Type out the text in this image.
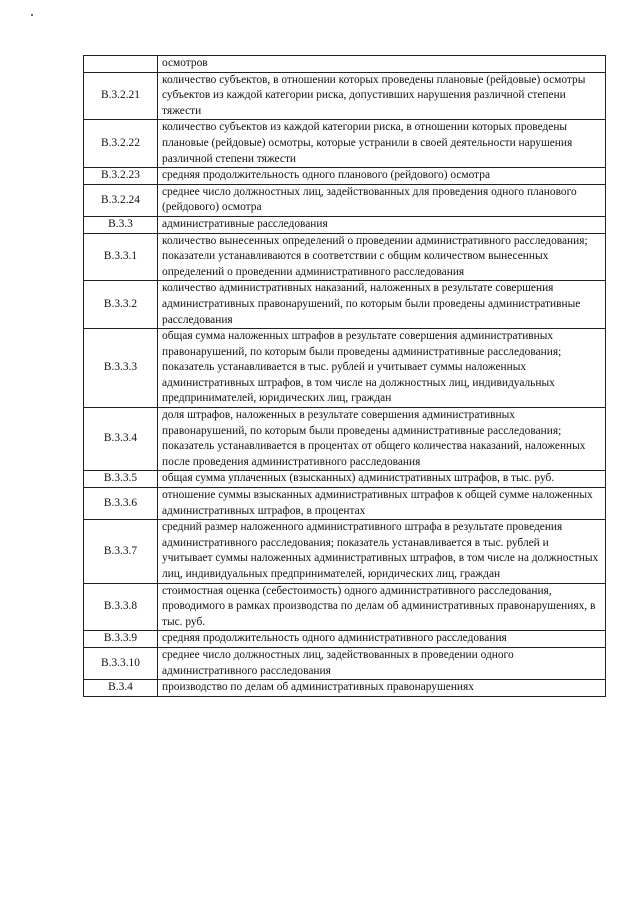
	осмотров
В.3.2.21	количество субъектов, в отношении которых проведены плановые (рейдовые) осмотры субъектов из каждой категории риска, допустивших нарушения различной степени тяжести
В.3.2.22	количество субъектов из каждой категории риска, в отношении которых проведены плановые (рейдовые) осмотры, которые устранили в своей деятельности нарушения различной степени тяжести
В.3.2.23	средняя продолжительность одного планового (рейдового) осмотра
В.3.2.24	среднее число должностных лиц, задействованных для проведения одного планового (рейдового) осмотра
В.3.3	административные расследования
В.3.3.1	количество вынесенных определений о проведении административного расследования; показатели устанавливаются в соответствии с общим количеством вынесенных определений о проведении административного расследования
В.3.3.2	количество административных наказаний, наложенных в результате совершения административных правонарушений, по которым были проведены административные расследования
В.3.3.3	общая сумма наложенных штрафов в результате совершения административных правонарушений, по которым были проведены административные расследования; показатель устанавливается в тыс. рублей и учитывает суммы наложенных административных штрафов, в том числе на должностных лиц, индивидуальных предпринимателей, юридических лиц, граждан
В.3.3.4	доля штрафов, наложенных в результате совершения административных правонарушений, по которым были проведены административные расследования; показатель устанавливается в процентах от общего количества наказаний, наложенных после проведения административного расследования
В.3.3.5	общая сумма уплаченных (взысканных) административных штрафов, в тыс. руб.
В.3.3.6	отношение суммы взысканных административных штрафов к общей сумме наложенных административных штрафов, в процентах
В.3.3.7	средний размер наложенного административного штрафа в результате проведения административного расследования; показатель устанавливается в тыс. рублей и учитывает суммы наложенных административных штрафов, в том числе на должностных лиц, индивидуальных предпринимателей, юридических лиц, граждан
В.3.3.8	стоимостная оценка (себестоимость) одного административного расследования, проводимого в рамках производства по делам об административных правонарушениях, в тыс. руб.
В.3.3.9	средняя продолжительность одного административного расследования
В.3.3.10	среднее число должностных лиц, задействованных в проведении одного административного расследования
В.3.4	производство по делам об административных правонарушениях
